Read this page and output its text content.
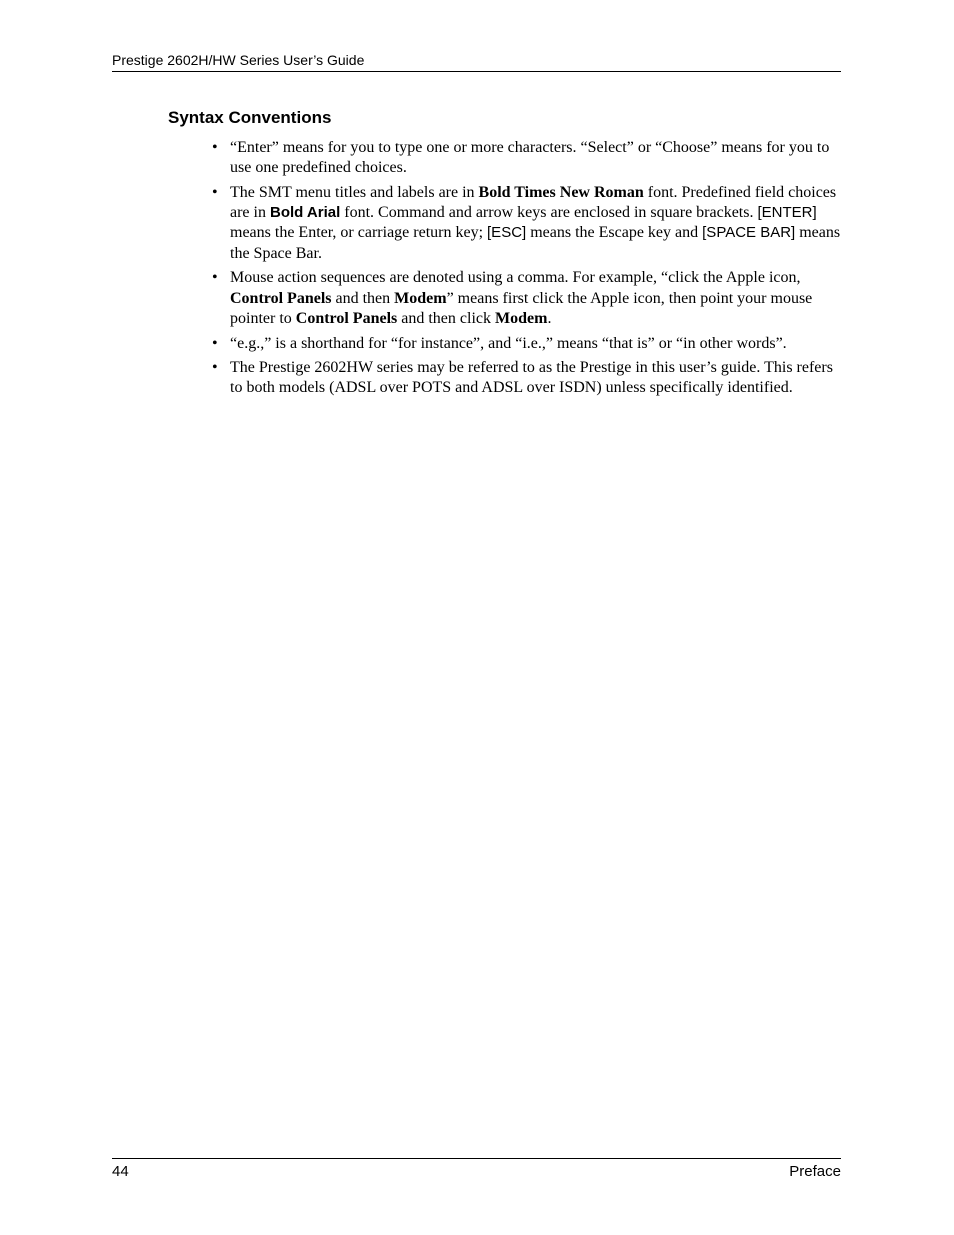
Prestige 2602H/HW Series User’s Guide
Syntax Conventions
• “Enter” means for you to type one or more characters. “Select” or “Choose” means for you to use one predefined choices.
• The SMT menu titles and labels are in Bold Times New Roman font. Predefined field choices are in Bold Arial font. Command and arrow keys are enclosed in square brackets. [ENTER] means the Enter, or carriage return key; [ESC] means the Escape key and [SPACE BAR] means the Space Bar.
• Mouse action sequences are denoted using a comma. For example, “click the Apple icon, Control Panels and then Modem” means first click the Apple icon, then point your mouse pointer to Control Panels and then click Modem.
• “e.g.,” is a shorthand for “for instance”, and “i.e.,” means “that is” or “in other words”.
• The Prestige 2602HW series may be referred to as the Prestige in this user’s guide. This refers to both models (ADSL over POTS and ADSL over ISDN) unless specifically identified.
44	Preface
